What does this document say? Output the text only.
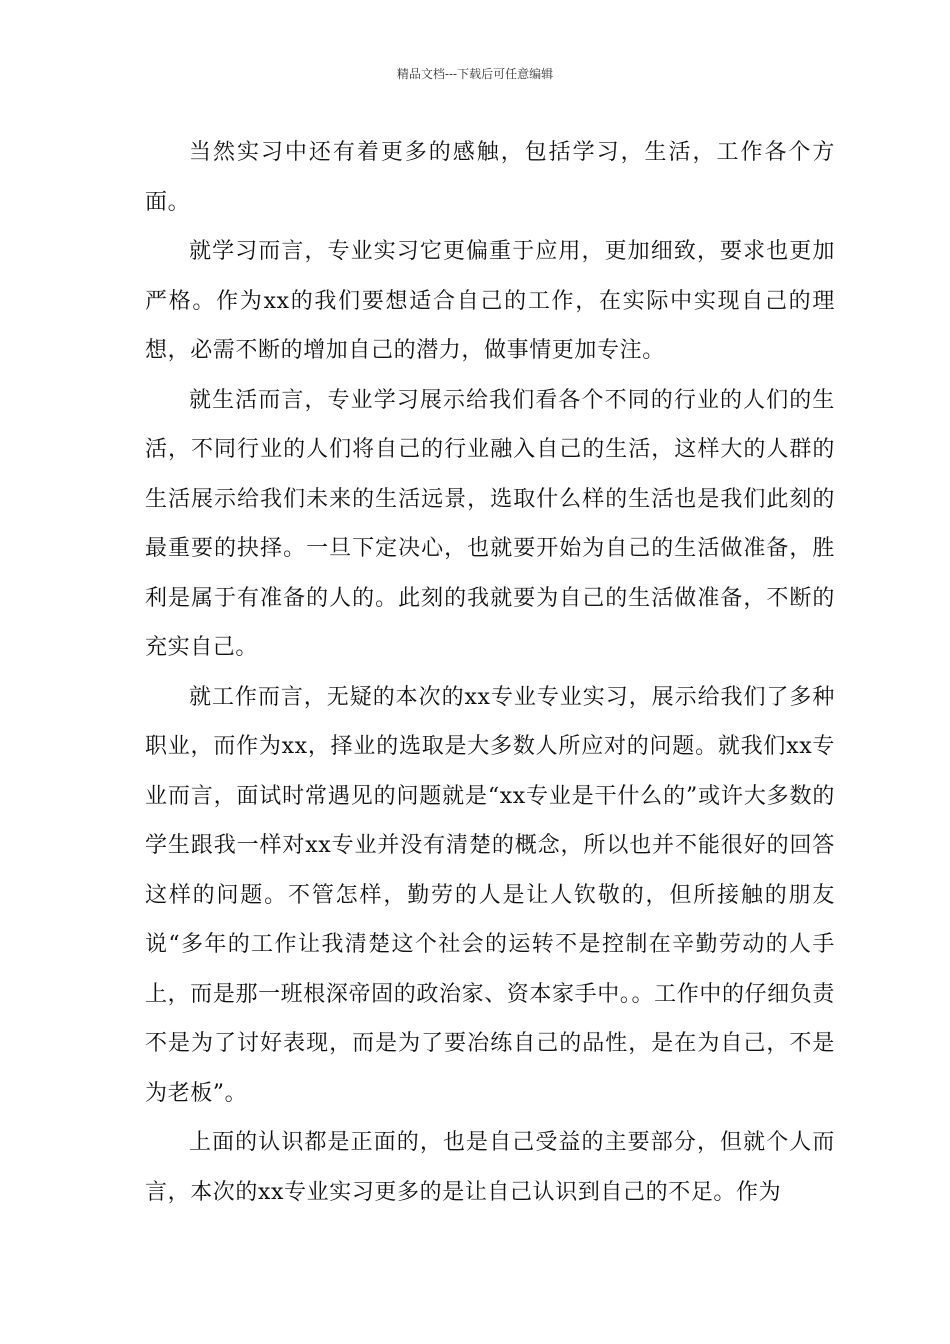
精品文档---下载后可任意编辑

当然实习中还有着更多的感触，包括学习，生活，工作各个方面。

就学习而言，专业实习它更偏重于应用，更加细致，要求也更加严格。作为xx的我们要想适合自己的工作，在实际中实现自己的理想，必需不断的增加自己的潜力，做事情更加专注。

就生活而言，专业学习展示给我们看各个不同的行业的人们的生活，不同行业的人们将自己的行业融入自己的生活，这样大的人群的生活展示给我们未来的生活远景，选取什么样的生活也是我们此刻的最重要的抉择。一旦下定决心，也就要开始为自己的生活做准备，胜利是属于有准备的人的。此刻的我就要为自己的生活做准备，不断的充实自己。

就工作而言，无疑的本次的xx专业专业实习，展示给我们了多种职业，而作为xx，择业的选取是大多数人所应对的问题。就我们xx专业而言，面试时常遇见的问题就是“xx专业是干什么的”或许大多数的学生跟我一样对xx专业并没有清楚的概念，所以也并不能很好的回答这样的问题。不管怎样，勤劳的人是让人钦敬的，但所接触的朋友说“多年的工作让我清楚这个社会的运转不是控制在辛勤劳动的人手上，而是那一班根深帝固的政治家、资本家手中。。工作中的仔细负责不是为了讨好表现，而是为了要冶练自己的品性，是在为自己，不是为老板”。

上面的认识都是正面的，也是自己受益的主要部分，但就个人而言，本次的xx专业实习更多的是让自己认识到自己的不足。作为
